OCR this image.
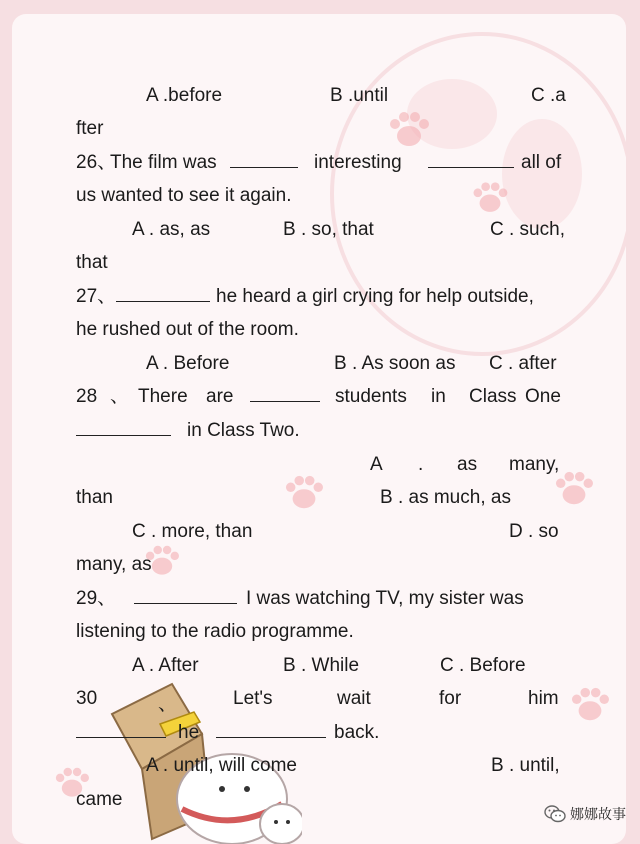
A .before	B .until	C .a
fter
26、
The film was	interesting	all of
us wanted to see it again.
A . as, as	B . so, that	C . such,
that
27、	he heard a girl crying for help outside,
he rushed out of the room.
A . Before	B . As soon as C . after
28 、 There are	students in Class One
in Class Two.
A . as many,
than	B . as much, as
C . more, than	D . so
many, as
29、	I was watching TV, my sister was
listening to the radio programme.
A . After	B . While	C . Before
30	、	Let's	wait	for	him
he	back.
A . until, will come	B . until,
came
娜娜故事
